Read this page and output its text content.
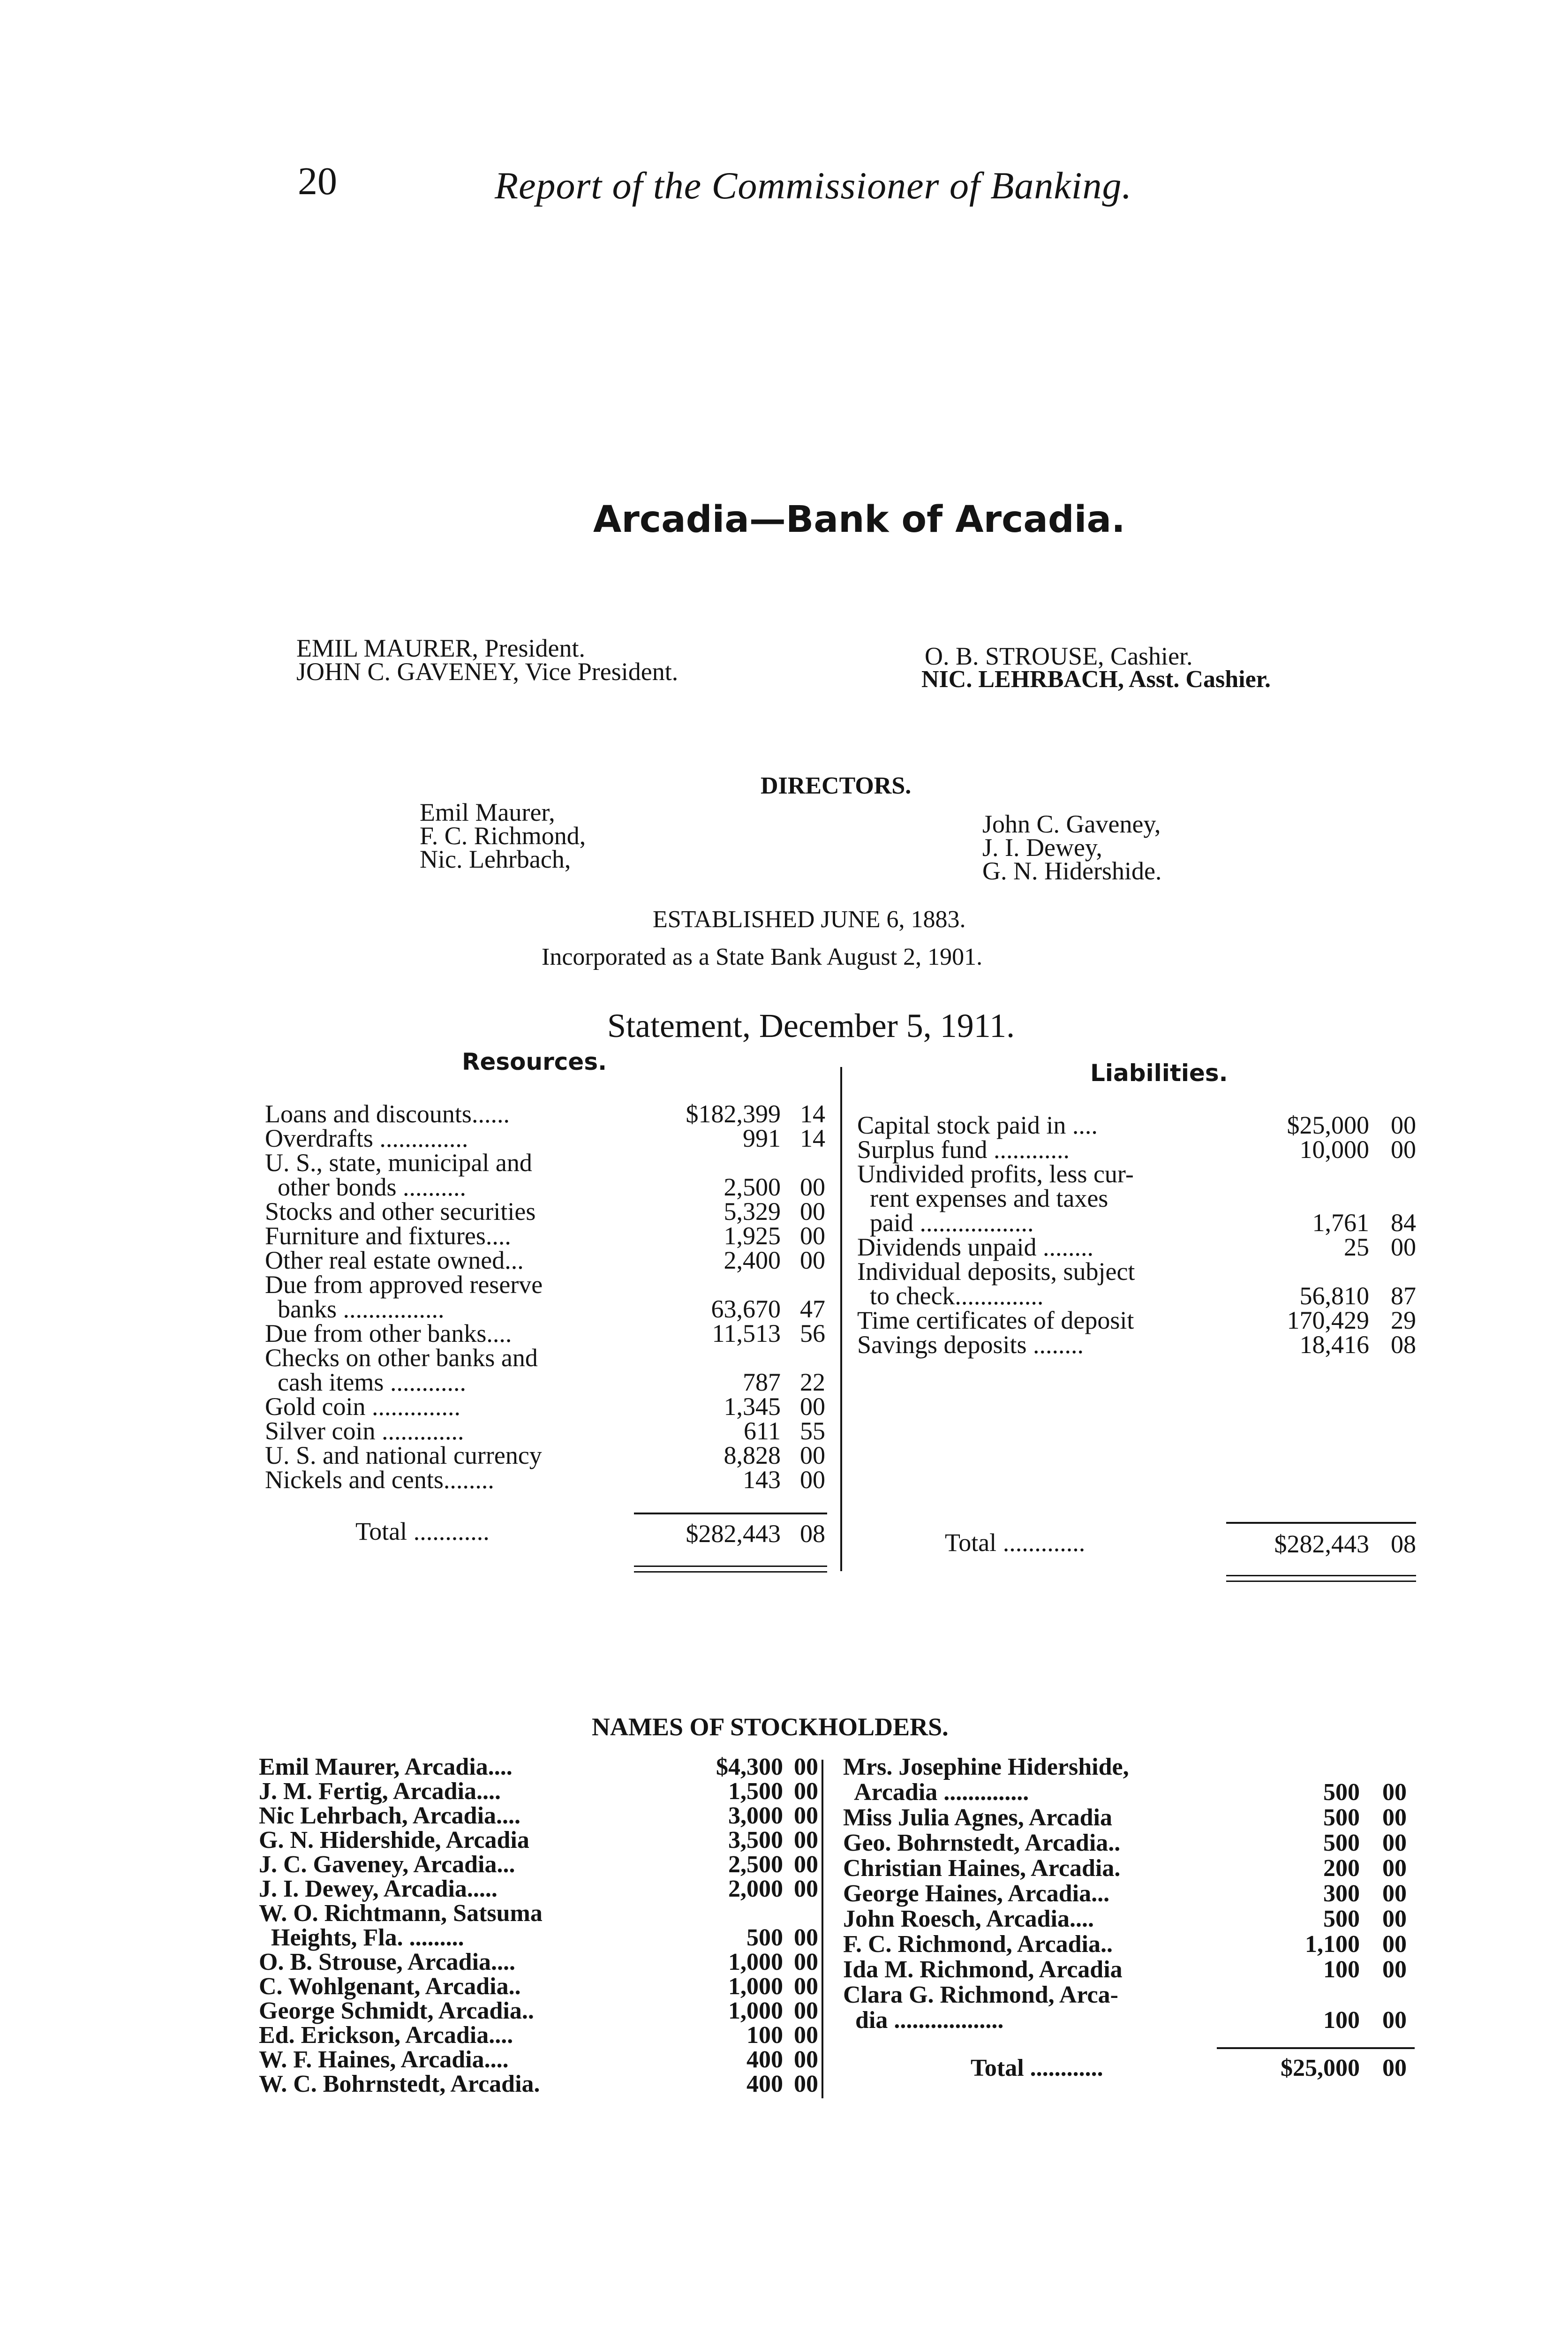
20	Report of the Commissioner of Banking.
Arcadia—Bank of Arcadia.
EMIL MAURER, President.
JOHN C. GAVENEY, Vice President.
O. B. STROUSE, Cashier.
NIC. LEHRBACH, Asst. Cashier.
DIRECTORS.
Emil Maurer,
F. C. Richmond,
Nic. Lehrbach,
John C. Gaveney,
J. I. Dewey,
G. N. Hidershide.
ESTABLISHED JUNE 6, 1883.
Incorporated as a State Bank August 2, 1901.
Statement, December 5, 1911.
Resources.
Loans and discounts......	$182,399 14
Overdrafts ..............	991 14
U. S., state, municipal and
other bonds ..........	2,500 00
Stocks and other securities	5,329 00
Furniture and fixtures....	1,925 00
Other real estate owned...	2,400 00
Due from approved reserve
banks ................	63,670 47
Due from other banks....	11,513 56
Checks on other banks and
cash items ............	787 22
Gold coin ..............	1,345 00
Silver coin .............	611 55
U. S. and national currency	8,828 00
Nickels and cents........	143 00
Total ............	$282,443 08
Liabilities.
Capital stock paid in ....	$25,000 00
Surplus fund ............	10,000 00
Undivided profits, less cur-
rent expenses and taxes
paid ..................	1,761 84
Dividends unpaid ........	25 00
Individual deposits, subject
to check..............	56,810 87
Time certificates of deposit	170,429 29
Savings deposits ........	18,416 08
Total .............	$282,443 08
NAMES OF STOCKHOLDERS.
Emil Maurer, Arcadia....	$4,300 00
J. M. Fertig, Arcadia....	1,500 00
Nic Lehrbach, Arcadia....	3,000 00
G. N. Hidershide, Arcadia	3,500 00
J. C. Gaveney, Arcadia...	2,500 00
J. I. Dewey, Arcadia.....	2,000 00
W. O. Richtmann, Satsuma
Heights, Fla. .........	500 00
O. B. Strouse, Arcadia....	1,000 00
C. Wohlgenant, Arcadia..	1,000 00
George Schmidt, Arcadia..	1,000 00
Ed. Erickson, Arcadia....	100 00
W. F. Haines, Arcadia....	400 00
W. C. Bohrnstedt, Arcadia.	400 00
Mrs. Josephine Hidershide,
Arcadia ..............	500 00
Miss Julia Agnes, Arcadia	500 00
Geo. Bohrnstedt, Arcadia..	500 00
Christian Haines, Arcadia.	200 00
George Haines, Arcadia...	300 00
John Roesch, Arcadia....	500 00
F. C. Richmond, Arcadia..	1,100 00
Ida M. Richmond, Arcadia	100 00
Clara G. Richmond, Arca-
dia ..................	100 00
Total ............	$25,000 00
